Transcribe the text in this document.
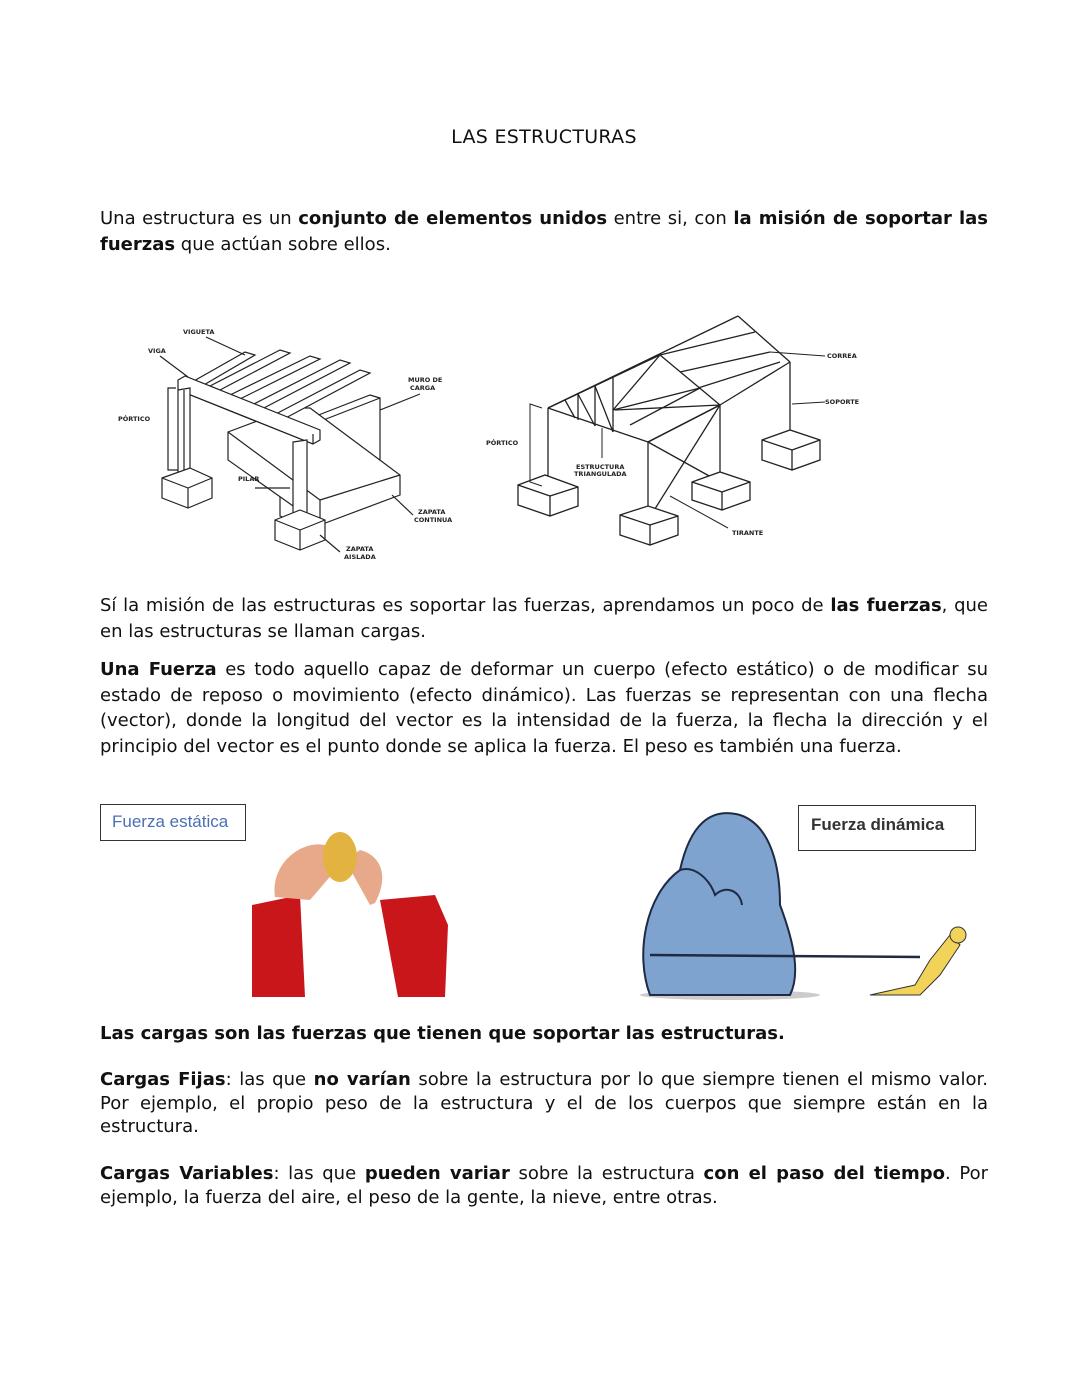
LAS ESTRUCTURAS

Una estructura es un conjunto de elementos unidos entre si, con la misión de soportar las fuerzas que actúan sobre ellos.

VIGUETA
VIGA
PÓRTICO
MURO DE
CARGA
PILAR
ZAPATA
CONTINUA
ZAPATA
AISLADA
CORREA
SOPORTE
PÓRTICO
ESTRUCTURA
TRIANGULADA
TIRANTE

Sí la misión de las estructuras es soportar las fuerzas, aprendamos un poco de las fuerzas, que en las estructuras se llaman cargas.

Una Fuerza es todo aquello capaz de deformar un cuerpo (efecto estático) o de modificar su estado de reposo o movimiento (efecto dinámico). Las fuerzas se representan con una flecha (vector), donde la longitud del vector es la intensidad de la fuerza, la flecha la dirección y el principio del vector es el punto donde se aplica la fuerza. El peso es también una fuerza.

Fuerza estática	Fuerza dinámica

Las cargas son las fuerzas que tienen que soportar las estructuras.

Cargas Fijas: las que no varían sobre la estructura por lo que siempre tienen el mismo valor. Por ejemplo, el propio peso de la estructura y el de los cuerpos que siempre están en la estructura.

Cargas Variables: las que pueden variar sobre la estructura con el paso del tiempo. Por ejemplo, la fuerza del aire, el peso de la gente, la nieve, entre otras.
